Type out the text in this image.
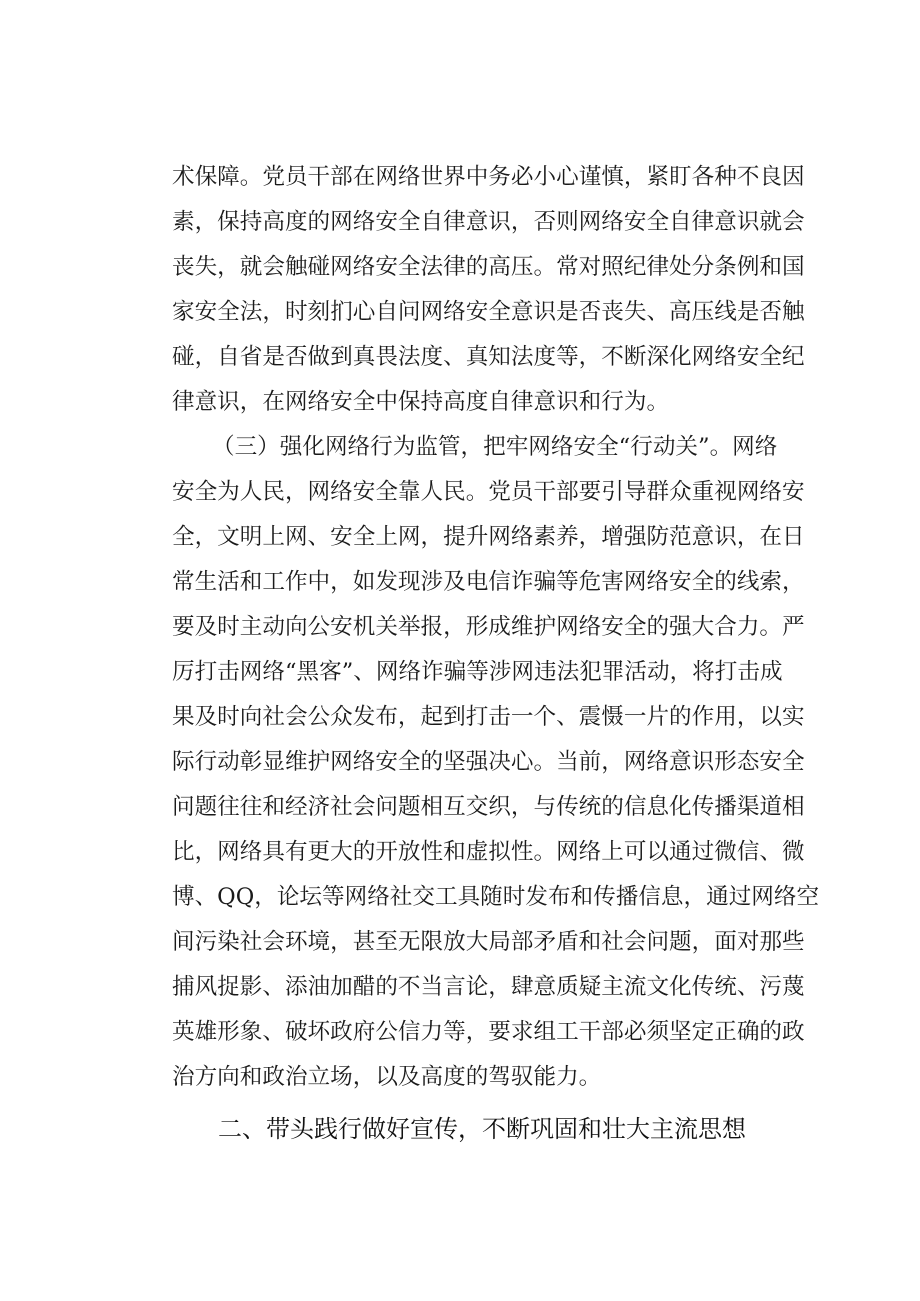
术保障。党员干部在网络世界中务必小心谨慎，紧盯各种不良因
素，保持高度的网络安全自律意识，否则网络安全自律意识就会
丧失，就会触碰网络安全法律的高压。常对照纪律处分条例和国
家安全法，时刻扪心自问网络安全意识是否丧失、高压线是否触
碰，自省是否做到真畏法度、真知法度等，不断深化网络安全纪
律意识，在网络安全中保持高度自律意识和行为。
（三）强化网络行为监管，把牢网络安全“行动关”。网络
安全为人民，网络安全靠人民。党员干部要引导群众重视网络安
全，文明上网、安全上网，提升网络素养，增强防范意识，在日
常生活和工作中，如发现涉及电信诈骗等危害网络安全的线索，
要及时主动向公安机关举报，形成维护网络安全的强大合力。严
厉打击网络“黑客”、网络诈骗等涉网违法犯罪活动，将打击成
果及时向社会公众发布，起到打击一个、震慑一片的作用，以实
际行动彰显维护网络安全的坚强决心。当前，网络意识形态安全
问题往往和经济社会问题相互交织，与传统的信息化传播渠道相
比，网络具有更大的开放性和虚拟性。网络上可以通过微信、微
博、QQ，论坛等网络社交工具随时发布和传播信息，通过网络空
间污染社会环境，甚至无限放大局部矛盾和社会问题，面对那些
捕风捉影、添油加醋的不当言论，肆意质疑主流文化传统、污蔑
英雄形象、破坏政府公信力等，要求组工干部必须坚定正确的政
治方向和政治立场，以及高度的驾驭能力。
二、带头践行做好宣传，不断巩固和壮大主流思想
